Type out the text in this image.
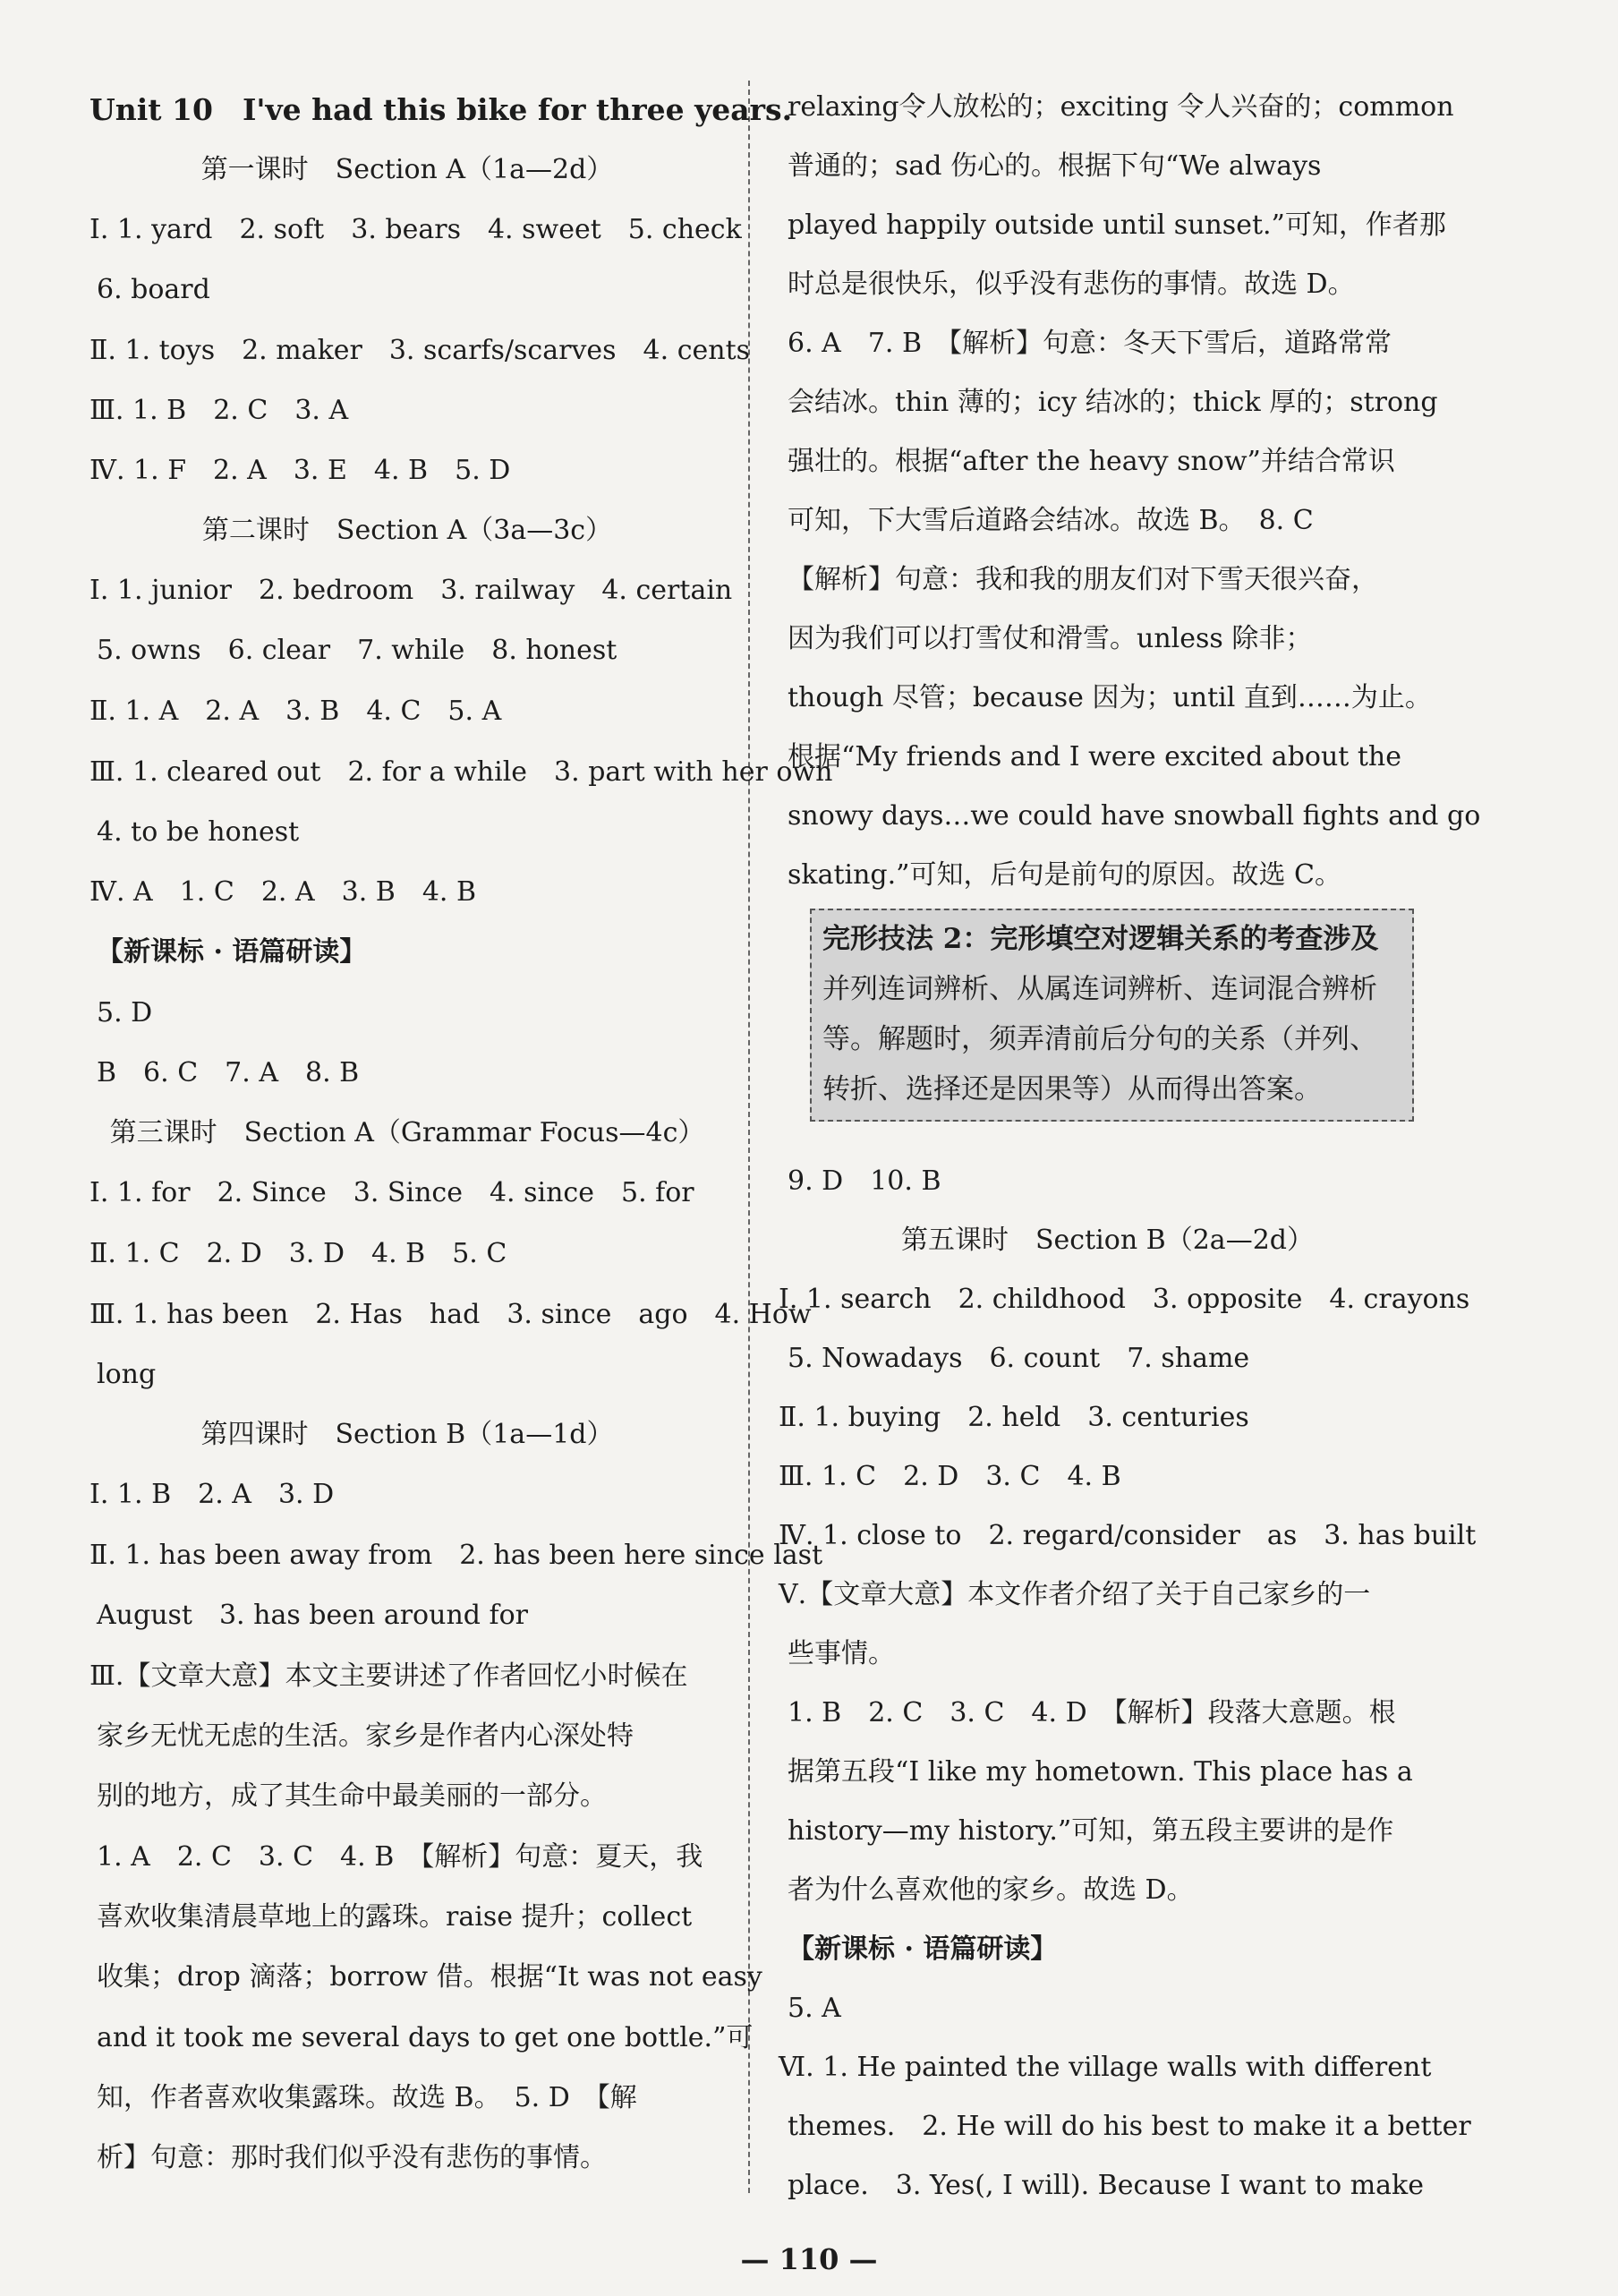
Unit 10　I've had this bike for three years.
第一课时　Section A（1a—2d）
Ⅰ. 1. yard　2. soft　3. bears　4. sweet　5. check
6. board
Ⅱ. 1. toys　2. maker　3. scarfs/scarves　4. cents
Ⅲ. 1. B　2. C　3. A
Ⅳ. 1. F　2. A　3. E　4. B　5. D
第二课时　Section A（3a—3c）
Ⅰ. 1. junior　2. bedroom　3. railway　4. certain
5. owns　6. clear　7. while　8. honest
Ⅱ. 1. A　2. A　3. B　4. C　5. A
Ⅲ. 1. cleared out　2. for a while　3. part with her own
4. to be honest
Ⅳ. A　1. C　2. A　3. B　4. B
【新课标 · 语篇研读】
5. D
B　6. C　7. A　8. B
第三课时　Section A（Grammar Focus—4c）
Ⅰ. 1. for　2. Since　3. Since　4. since　5. for
Ⅱ. 1. C　2. D　3. D　4. B　5. C
Ⅲ. 1. has been　2. Has　had　3. since　ago　4. How
long
第四课时　Section B（1a—1d）
Ⅰ. 1. B　2. A　3. D
Ⅱ. 1. has been away from　2. has been here since last
August　3. has been around for
Ⅲ.【文章大意】本文主要讲述了作者回忆小时候在
家乡无忧无虑的生活。家乡是作者内心深处特
别的地方，成了其生命中最美丽的一部分。
1. A　2. C　3. C　4. B　【解析】句意：夏天，我
喜欢收集清晨草地上的露珠。raise 提升；collect
收集；drop 滴落；borrow 借。根据“It was not easy
and it took me several days to get one bottle.”可
知，作者喜欢收集露珠。故选 B。　5. D　【解
析】句意：那时我们似乎没有悲伤的事情。
relaxing令人放松的；exciting 令人兴奋的；common
普通的；sad 伤心的。根据下句“We always
played happily outside until sunset.”可知，作者那
时总是很快乐，似乎没有悲伤的事情。故选 D。
6. A　7. B　【解析】句意：冬天下雪后，道路常常
会结冰。thin 薄的；icy 结冰的；thick 厚的；strong
强壮的。根据“after the heavy snow”并结合常识
可知，下大雪后道路会结冰。故选 B。　8. C
【解析】句意：我和我的朋友们对下雪天很兴奋，
因为我们可以打雪仗和滑雪。unless 除非；
though 尽管；because 因为；until 直到……为止。
根据“My friends and I were excited about the
snowy days…we could have snowball fights and go
skating.”可知，后句是前句的原因。故选 C。
完形技法 2：完形填空对逻辑关系的考查涉及
并列连词辨析、从属连词辨析、连词混合辨析
等。解题时，须弄清前后分句的关系（并列、
转折、选择还是因果等）从而得出答案。
9. D　10. B
第五课时　Section B（2a—2d）
Ⅰ. 1. search　2. childhood　3. opposite　4. crayons
5. Nowadays　6. count　7. shame
Ⅱ. 1. buying　2. held　3. centuries
Ⅲ. 1. C　2. D　3. C　4. B
Ⅳ. 1. close to　2. regard/consider　as　3. has built
Ⅴ.【文章大意】本文作者介绍了关于自己家乡的一
些事情。
1. B　2. C　3. C　4. D　【解析】段落大意题。根
据第五段“I like my hometown. This place has a
history—my history.”可知，第五段主要讲的是作
者为什么喜欢他的家乡。故选 D。
【新课标 · 语篇研读】
5. A
Ⅵ. 1. He painted the village walls with different
themes.　2. He will do his best to make it a better
place.　3. Yes(, I will). Because I want to make
— 110 —
